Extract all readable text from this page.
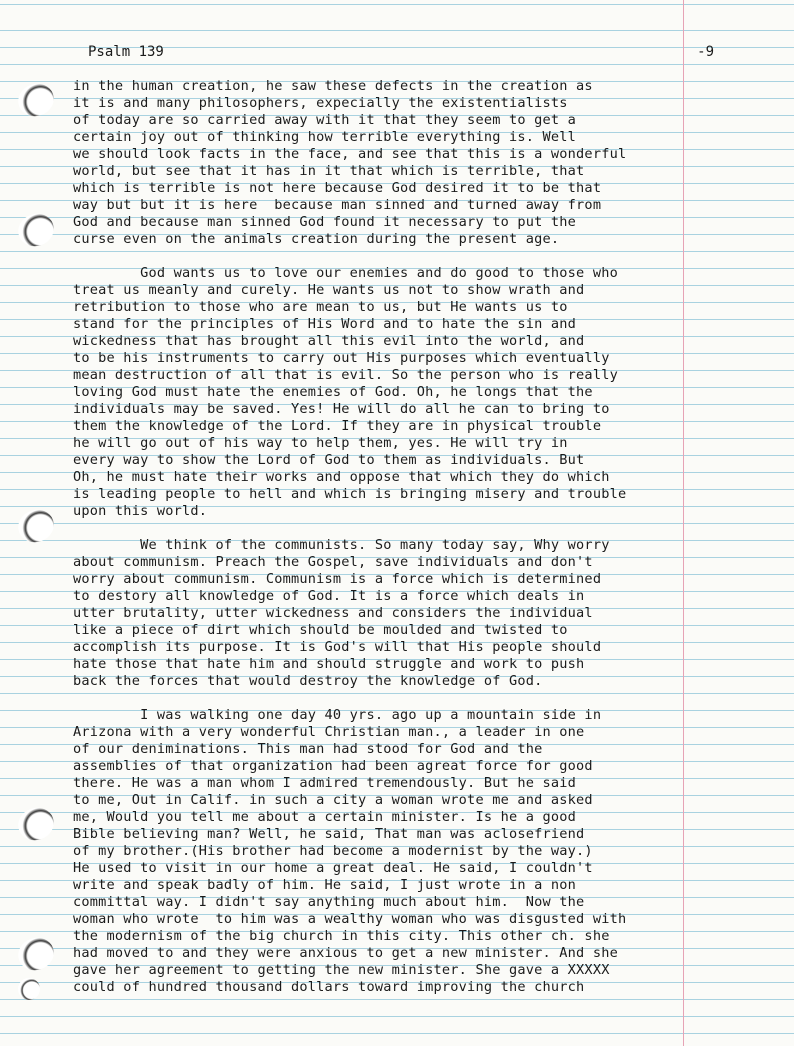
Psalm 139	-9
in the human creation, he saw these defects in the creation as
it is and many philosophers, expecially the existentialists
of today are so carried away with it that they seem to get a
certain joy out of thinking how terrible everything is. Well
we should look facts in the face, and see that this is a wonderful
world, but see that it has in it that which is terrible, that
which is terrible is not here because God desired it to be that
way but but it is here  because man sinned and turned away from
God and because man sinned God found it necessary to put the
curse even on the animals creation during the present age.
God wants us to love our enemies and do good to those who
treat us meanly and curely. He wants us not to show wrath and
retribution to those who are mean to us, but He wants us to
stand for the principles of His Word and to hate the sin and
wickedness that has brought all this evil into the world, and
to be his instruments to carry out His purposes which eventually
mean destruction of all that is evil. So the person who is really
loving God must hate the enemies of God. Oh, he longs that the
individuals may be saved. Yes! He will do all he can to bring to
them the knowledge of the Lord. If they are in physical trouble
he will go out of his way to help them, yes. He will try in
every way to show the Lord of God to them as individuals. But
Oh, he must hate their works and oppose that which they do which
is leading people to hell and which is bringing misery and trouble
upon this world.
We think of the communists. So many today say, Why worry
about communism. Preach the Gospel, save individuals and don't
worry about communism. Communism is a force which is determined
to destory all knowledge of God. It is a force which deals in
utter brutality, utter wickedness and considers the individual
like a piece of dirt which should be moulded and twisted to
accomplish its purpose. It is God's will that His people should
hate those that hate him and should struggle and work to push
back the forces that would destroy the knowledge of God.
I was walking one day 40 yrs. ago up a mountain side in
Arizona with a very wonderful Christian man., a leader in one
of our deniminations. This man had stood for God and the
assemblies of that organization had been agreat force for good
there. He was a man whom I admired tremendously. But he said
to me, Out in Calif. in such a city a woman wrote me and asked
me, Would you tell me about a certain minister. Is he a good
Bible believing man? Well, he said, That man was aclosefriend
of my brother.(His brother had become a modernist by the way.)
He used to visit in our home a great deal. He said, I couldn't
write and speak badly of him. He said, I just wrote in a non
committal way. I didn't say anything much about him.  Now the
woman who wrote  to him was a wealthy woman who was disgusted with
the modernism of the big church in this city. This other ch. she
had moved to and they were anxious to get a new minister. And she
gave her agreement to getting the new minister. She gave a XXXXX
could of hundred thousand dollars toward improving the church
